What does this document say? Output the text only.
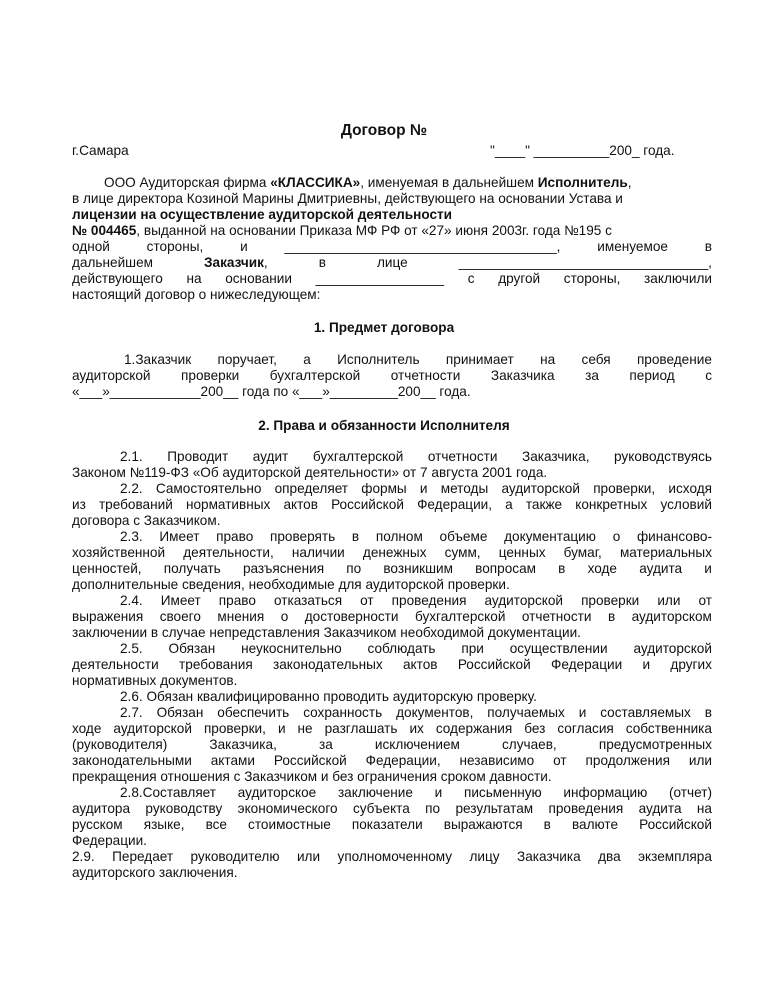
Договор №
г.Самара	"____" __________200_ года.
ООО Аудиторская фирма «КЛАССИКА», именуемая в дальнейшем Исполнитель,
в лице директора Козиной Марины Дмитриевны, действующего на основании Устава и
лицензии на осуществление аудиторской деятельности
№ 004465, выданной на основании Приказа МФ РФ от «27» июня 2003г. года №195 с
одной	стороны,	и	____________________________________,	именуемое	в
дальнейшем	Заказчик,	в	лице	_________________________________,
действующего на основании _________________ с другой стороны, заключили
настоящий договор о нижеследующем:
1. Предмет договора
1.Заказчик поручает, а Исполнитель принимает на себя проведение
аудиторской проверки бухгалтерской отчетности Заказчика за период с
«___»____________200__ года по «___»_________200__ года.
2. Права и обязанности Исполнителя
2.1. Проводит аудит бухгалтерской отчетности Заказчика, руководствуясь
Законом №119-ФЗ «Об аудиторской деятельности» от 7 августа 2001 года.
2.2. Самостоятельно определяет формы и методы аудиторской проверки, исходя
из требований нормативных актов Российской Федерации, а также конкретных условий
договора с Заказчиком.
2.3. Имеет право проверять в полном объеме документацию о финансово-
хозяйственной деятельности, наличии денежных сумм, ценных бумаг, материальных
ценностей, получать разъяснения по возникшим вопросам в ходе аудита и
дополнительные сведения, необходимые для аудиторской проверки.
2.4. Имеет право отказаться от проведения аудиторской проверки или от
выражения своего мнения о достоверности бухгалтерской отчетности в аудиторском
заключении в случае непредставления Заказчиком необходимой документации.
2.5. Обязан неукоснительно соблюдать при осуществлении аудиторской
деятельности требования законодательных актов Российской Федерации и других
нормативных документов.
2.6. Обязан квалифицированно проводить аудиторскую проверку.
2.7. Обязан обеспечить сохранность документов, получаемых и составляемых в
ходе аудиторской проверки, и не разглашать их содержания без согласия собственника
(руководителя)	Заказчика,	за	исключением	случаев,	предусмотренных
законодательными актами Российской Федерации, независимо от продолжения или
прекращения отношения с Заказчиком и без ограничения сроком давности.
2.8.Составляет аудиторское заключение и письменную информацию (отчет)
аудитора руководству экономического субъекта по результатам проведения аудита на
русском языке, все стоимостные показатели выражаются в валюте Российской
Федерации.
2.9. Передает руководителю или уполномоченному лицу Заказчика два экземпляра
аудиторского заключения.
